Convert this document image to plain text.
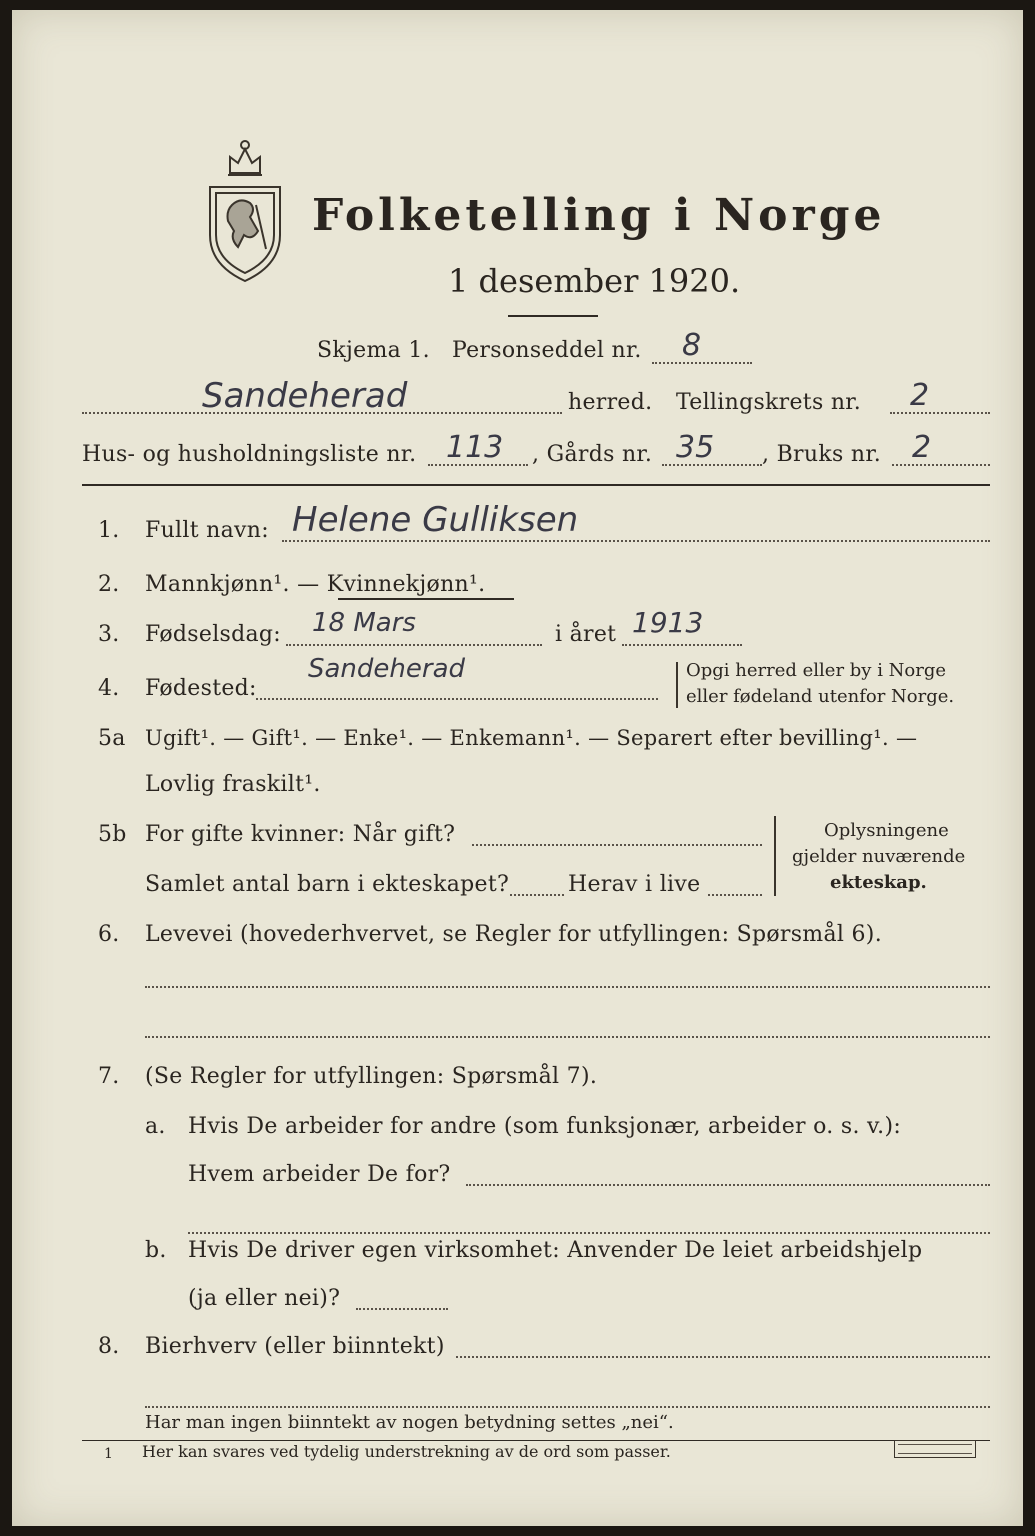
Folketelling i Norge
1 desember 1920.
Skjema 1. Personseddel nr. 8
Sandeherad	herred. Tellingskrets nr. 2
Hus- og husholdningsliste nr. 113 , Gårds nr. 35 , Bruks nr. 2
1. Fullt navn: Helene Gulliksen
2. Mannkjønn¹. — Kvinnekjønn¹.
3. Fødselsdag: 18 Mars	i året 1913
4. Fødested:
Sandeherad	Opgi herred eller by i Norge
eller fødeland utenfor Norge.
5a Ugift¹. — Gift¹. — Enke¹. — Enkemann¹. — Separert efter bevilling¹. —
Lovlig fraskilt¹.
5b For gifte kvinner: Når gift?
Samlet antal barn i ekteskapet?	Herav i live
Oplysningene
gjelder nuværende
ekteskap.
6. Levevei (hovederhvervet, se Regler for utfyllingen: Spørsmål 6).
7. (Se Regler for utfyllingen: Spørsmål 7).
a. Hvis De arbeider for andre (som funksjonær, arbeider o. s. v.):
Hvem arbeider De for?
b. Hvis De driver egen virksomhet: Anvender De leiet arbeidshjelp
(ja eller nei)?
8. Bierhverv (eller biinntekt)
Har man ingen biinntekt av nogen betydning settes „nei“.
1 Her kan svares ved tydelig understrekning av de ord som passer.
